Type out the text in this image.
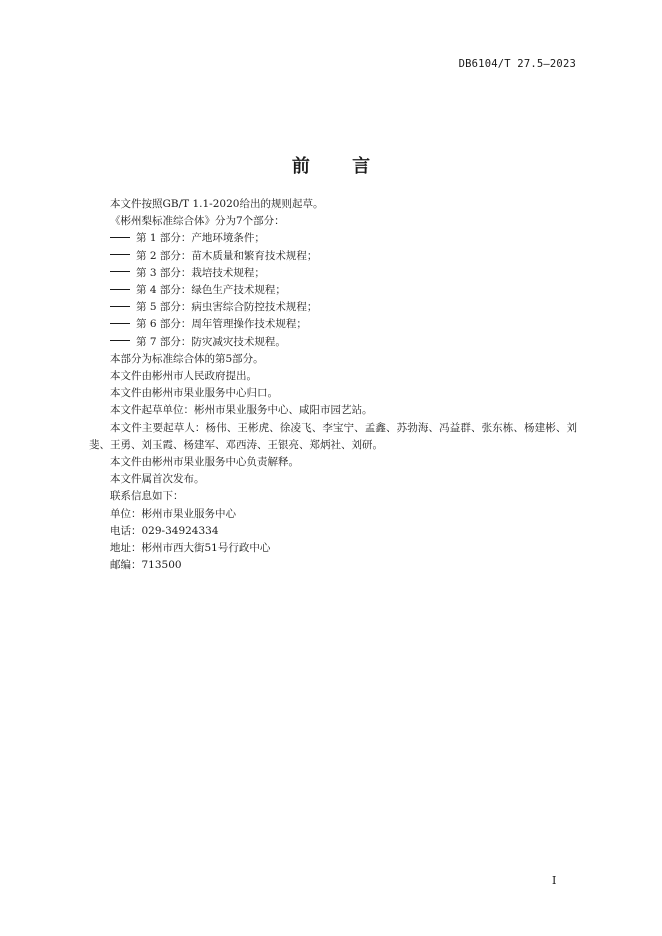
DB6104/T 27.5—2023
前 言

本文件按照GB/T 1.1-2020给出的规则起草。

《彬州梨标准综合体》分为7个部分：

第 1 部分：产地环境条件；

第 2 部分：苗木质量和繁育技术规程；

第 3 部分：栽培技术规程；

第 4 部分：绿色生产技术规程；

第 5 部分：病虫害综合防控技术规程；

第 6 部分：周年管理操作技术规程；

第 7 部分：防灾减灾技术规程。

本部分为标准综合体的第5部分。

本文件由彬州市人民政府提出。

本文件由彬州市果业服务中心归口。

本文件起草单位：彬州市果业服务中心、咸阳市园艺站。

本文件主要起草人：杨伟、王彬虎、徐凌飞、李宝宁、孟鑫、苏勃海、冯益群、张东栋、杨建彬、刘斐、王勇、刘玉霞、杨建军、邓西涛、王银亮、郑炳社、刘研。

本文件由彬州市果业服务中心负责解释。

本文件属首次发布。

联系信息如下：

单位：彬州市果业服务中心

电话：029-34924334

地址：彬州市西大街51号行政中心

邮编：713500

I
